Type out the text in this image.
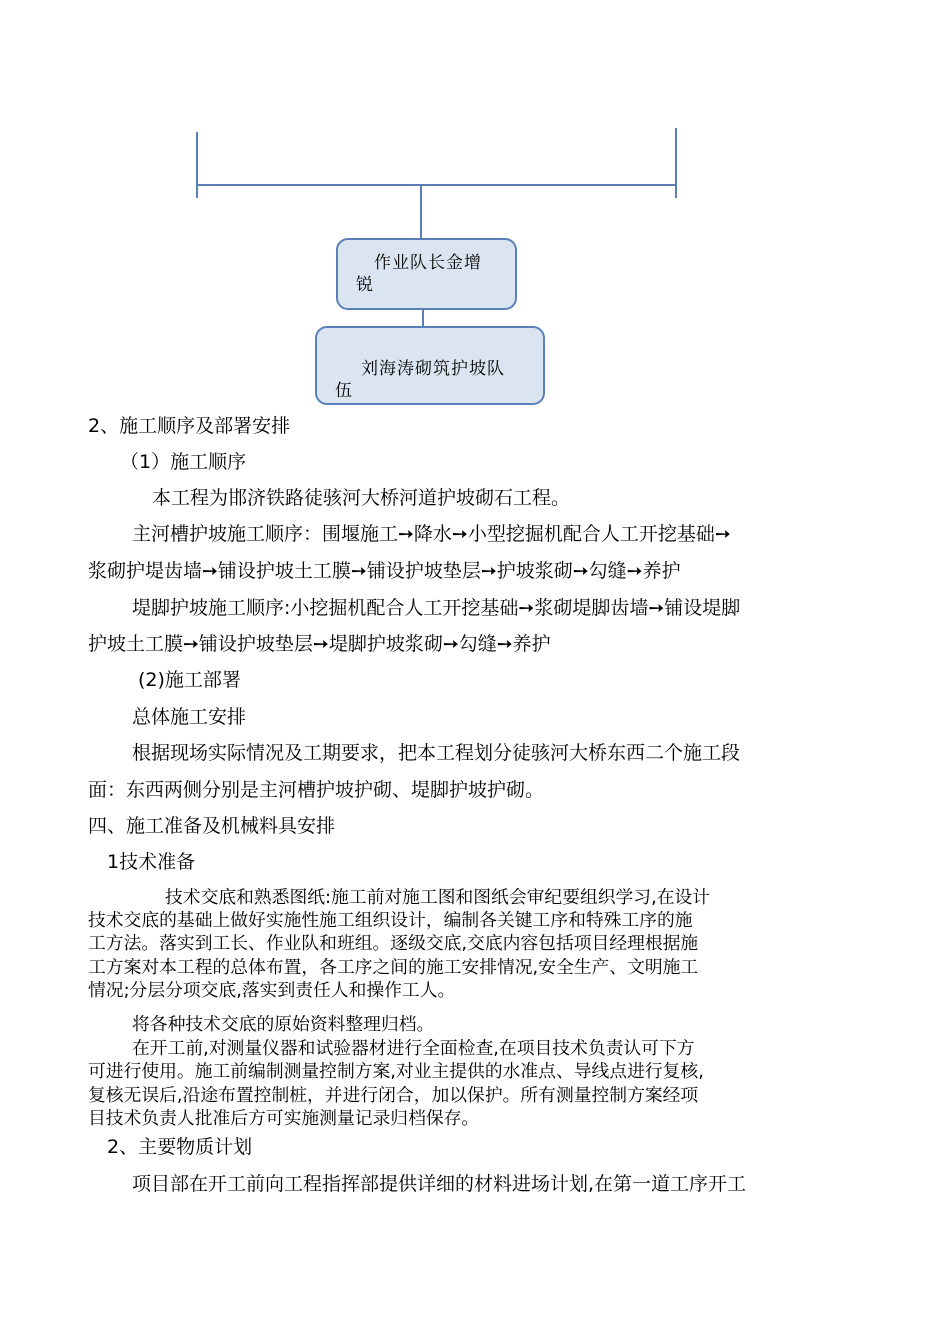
作业队长金增
锐
刘海涛砌筑护坡队
伍
2、施工顺序及部署安排
（1）施工顺序
本工程为邯济铁路徒骇河大桥河道护坡砌石工程。
主河槽护坡施工顺序：围堰施工➙降水➙小型挖掘机配合人工开挖基础➙
浆砌护堤齿墙➙铺设护坡土工膜➙铺设护坡垫层➙护坡浆砌➙勾缝➙养护
堤脚护坡施工顺序:小挖掘机配合人工开挖基础➙浆砌堤脚齿墙➙铺设堤脚
护坡土工膜➙铺设护坡垫层➙堤脚护坡浆砌➙勾缝➙养护
(2)施工部署
总体施工安排
根据现场实际情况及工期要求，把本工程划分徒骇河大桥东西二个施工段
面：东西两侧分别是主河槽护坡护砌、堤脚护坡护砌。
四、施工准备及机械料具安排
1技术准备
技术交底和熟悉图纸:施工前对施工图和图纸会审纪要组织学习,在设计
技术交底的基础上做好实施性施工组织设计，编制各关键工序和特殊工序的施
工方法。落实到工长、作业队和班组。逐级交底,交底内容包括项目经理根据施
工方案对本工程的总体布置，各工序之间的施工安排情况,安全生产、文明施工
情况;分层分项交底,落实到责任人和操作工人。
将各种技术交底的原始资料整理归档。
在开工前,对测量仪器和试验器材进行全面检查,在项目技术负责认可下方
可进行使用。施工前编制测量控制方案,对业主提供的水准点、导线点进行复核,
复核无误后,沿途布置控制桩，并进行闭合，加以保护。所有测量控制方案经项
目技术负责人批准后方可实施测量记录归档保存。
2、主要物质计划
项目部在开工前向工程指挥部提供详细的材料进场计划,在第一道工序开工
